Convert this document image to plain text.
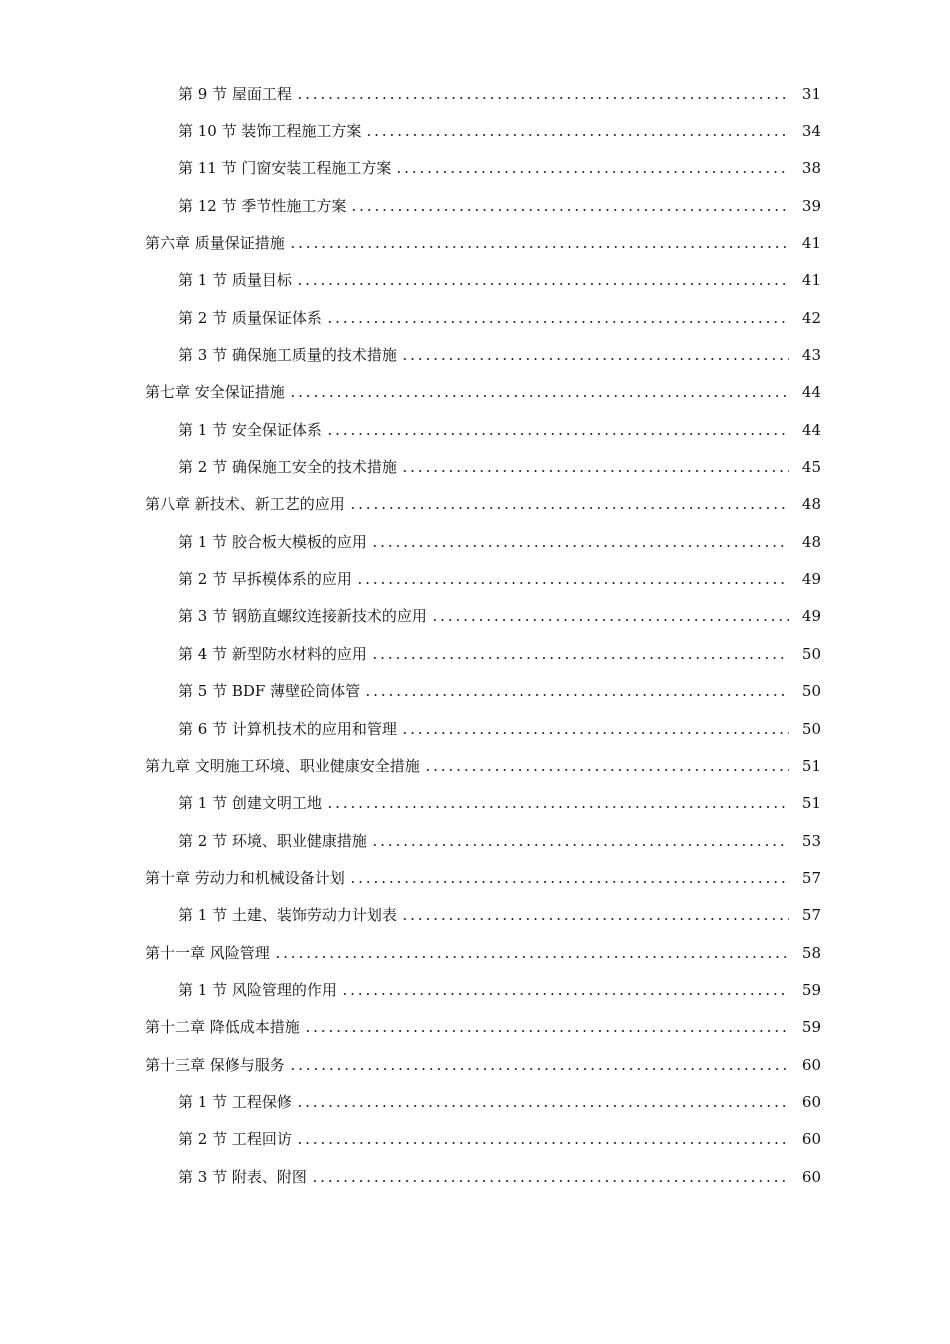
第 9 节 屋面工程	31
第 10 节 装饰工程施工方案	34
第 11 节 门窗安装工程施工方案	38
第 12 节 季节性施工方案	39
第六章 质量保证措施	41
第 1 节 质量目标	41
第 2 节 质量保证体系	42
第 3 节 确保施工质量的技术措施	43
第七章 安全保证措施	44
第 1 节 安全保证体系	44
第 2 节 确保施工安全的技术措施	45
第八章 新技术、新工艺的应用	48
第 1 节 胶合板大模板的应用	48
第 2 节 早拆模体系的应用	49
第 3 节 钢筋直螺纹连接新技术的应用	49
第 4 节 新型防水材料的应用	50
第 5 节 BDF 薄壁砼筒体管	50
第 6 节 计算机技术的应用和管理	50
第九章 文明施工环境、职业健康安全措施	51
第 1 节 创建文明工地	51
第 2 节 环境、职业健康措施	53
第十章 劳动力和机械设备计划	57
第 1 节 土建、装饰劳动力计划表	57
第十一章 风险管理	58
第 1 节 风险管理的作用	59
第十二章 降低成本措施	59
第十三章 保修与服务	60
第 1 节 工程保修	60
第 2 节 工程回访	60
第 3 节 附表、附图	60
